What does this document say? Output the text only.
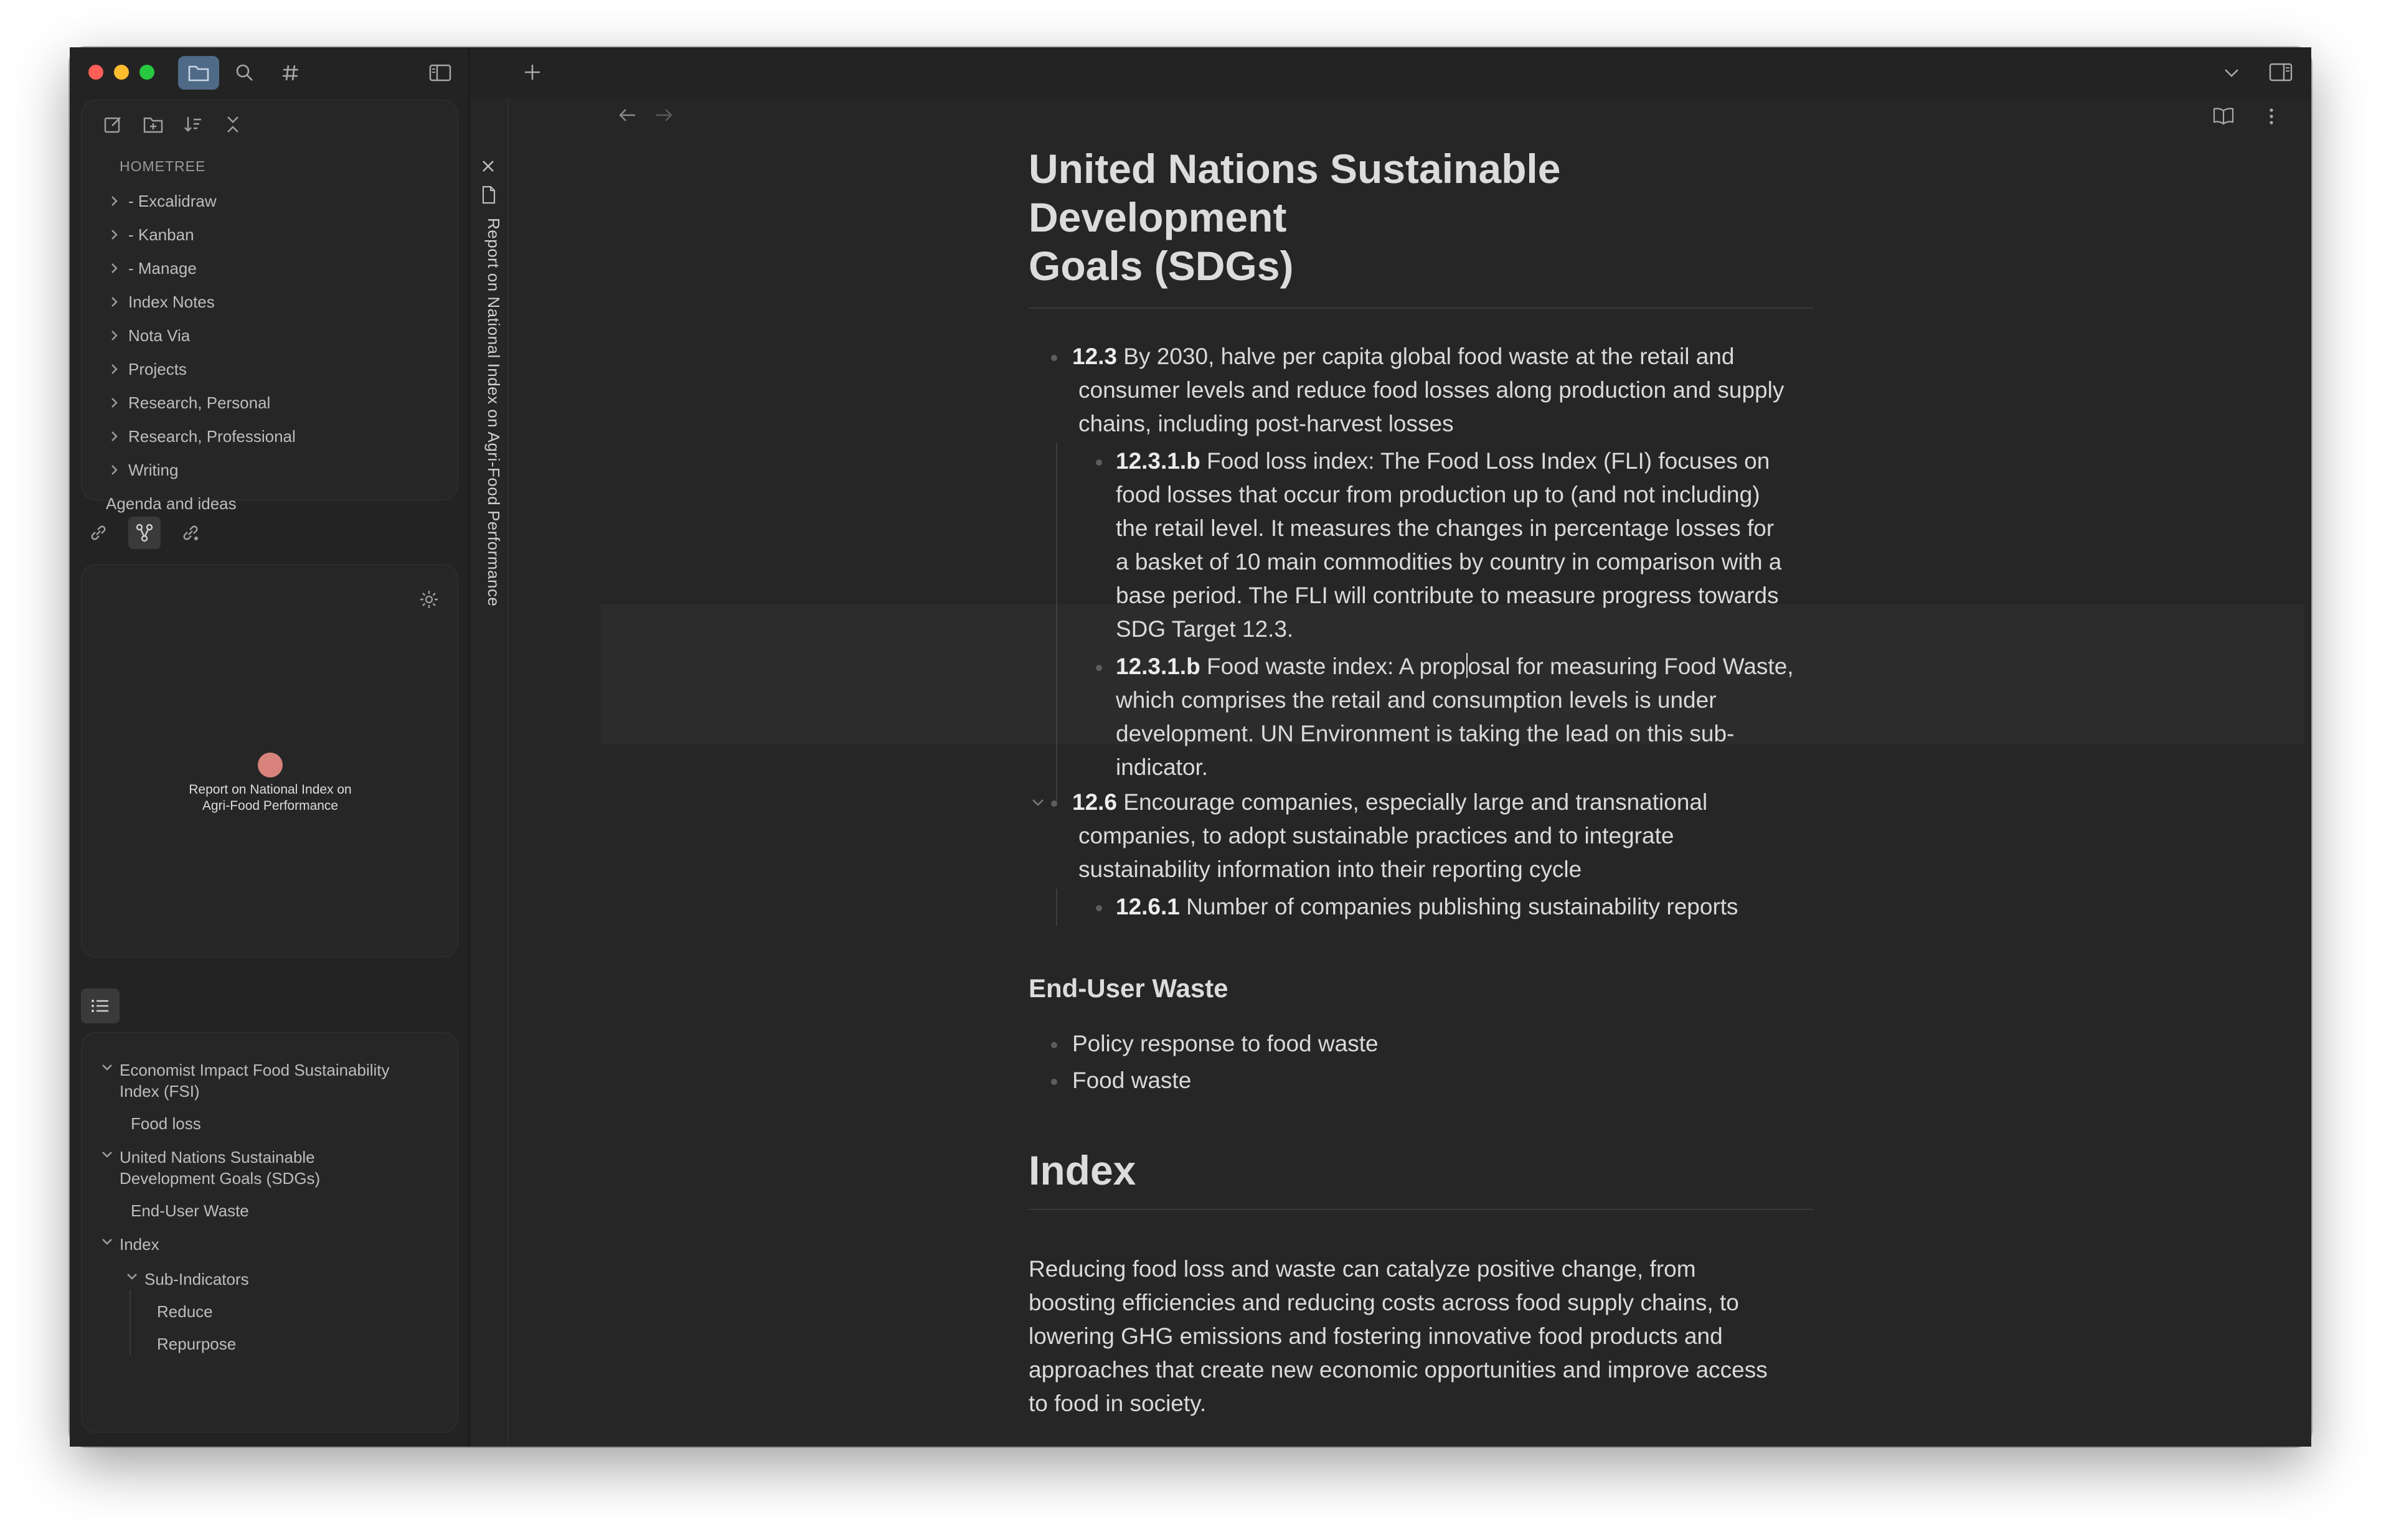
HOMETREE
- Excalidraw
- Kanban
- Manage
Index Notes
Nota Via
Projects
Research, Personal
Research, Professional
Writing
Agenda and ideas
Report on National Index on
Agri-Food Performance
Economist Impact Food Sustainability
Index (FSI)
Food loss
United Nations Sustainable
Development Goals (SDGs)
End-User Waste
Index
Sub-Indicators
Reduce
Repurpose
Report on National Index on Agri-Food Performance
United Nations Sustainable Development
Goals (SDGs)
12.3 By 2030, halve per capita global food waste at the retail and
consumer levels and reduce food losses along production and supply
chains, including post-harvest losses
12.3.1.b Food loss index: The Food Loss Index (FLI) focuses on
food losses that occur from production up to (and not including)
the retail level. It measures the changes in percentage losses for
a basket of 10 main commodities by country in comparison with a
base period. The FLI will contribute to measure progress towards
SDG Target 12.3.
12.3.1.b Food waste index: A prop osal for measuring Food Waste,
which comprises the retail and consumption levels is under
development. UN Environment is taking the lead on this sub-
indicator.
12.6 Encourage companies, especially large and transnational
companies, to adopt sustainable practices and to integrate
sustainability information into their reporting cycle
12.6.1 Number of companies publishing sustainability reports
End-User Waste
Policy response to food waste
Food waste
Index
Reducing food loss and waste can catalyze positive change, from
boosting efficiencies and reducing costs across food supply chains, to
lowering GHG emissions and fostering innovative food products and
approaches that create new economic opportunities and improve access
to food in society.
